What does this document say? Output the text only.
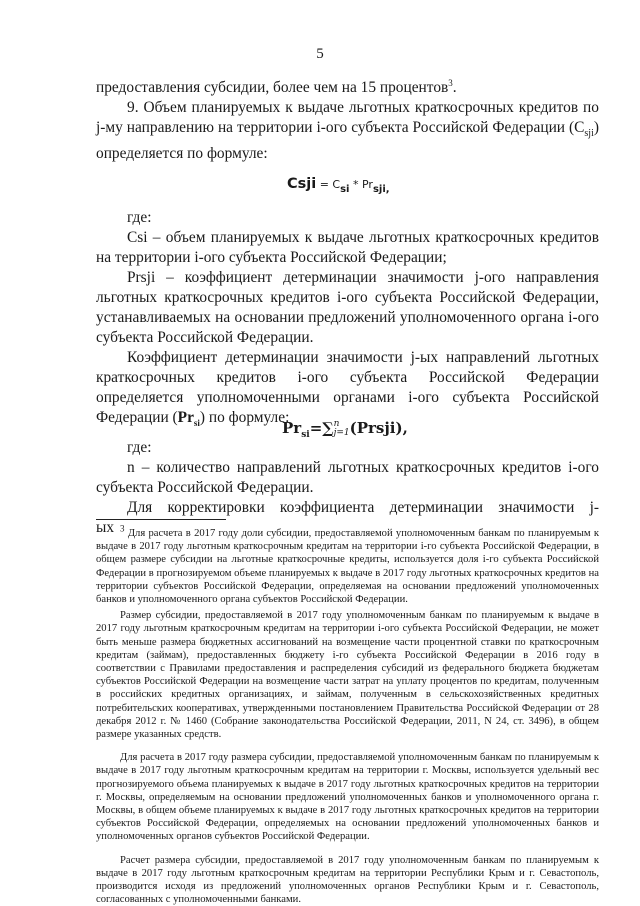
5

предоставления субсидии, более чем на 15 процентов$^3$.

9. Объем планируемых к выдаче льготных краткосрочных кредитов по j-му направлению на территории i-ого субъекта Российской Федерации $(C_{sji})$ определяется по формуле:

Csji = $C_{si} * Pr_{sji,}$

где:

Csi – объем планируемых к выдаче льготных краткосрочных кредитов на территории i-ого субъекта Российской Федерации;

Prsji – коэффициент детерминации значимости j-ого направления льготных краткосрочных кредитов i-ого субъекта Российской Федерации, устанавливаемых на основании предложений уполномоченного органа i-ого субъекта Российской Федерации.

Коэффициент детерминации значимости j-ых направлений льготных краткосрочных кредитов i-ого субъекта Российской Федерации определяется уполномоченными органами i-ого субъекта Российской Федерации $(Pr_{si})$ по формуле:

$Pr_{si}=\sum$ n
j=1 (Prsji),

где:

n – количество направлений льготных краткосрочных кредитов i-ого субъекта Российской Федерации.

Для корректировки коэффициента детерминации значимости j-ых $^3$ Для расчета в 2017 году доли субсидии, предоставляемой уполномоченным банкам по планируемым к выдаче в 2017 году льготным краткосрочным кредитам на территории i-го субъекта Российской Федерации, в общем размере субсидии на льготные краткосрочные кредиты, используется доля i-го субъекта Российской Федерации в прогнозируемом объеме планируемых к выдаче в 2017 году льготных краткосрочных кредитов на территории субъектов Российской Федерации, определяемая на основании предложений уполномоченных банков и уполномоченного органа субъектов Российской Федерации.

Размер субсидии, предоставляемой в 2017 году уполномоченным банкам по планируемым к выдаче в 2017 году льготным краткосрочным кредитам на территории i-ого субъекта Российской Федерации, не может быть меньше размера бюджетных ассигнований на возмещение части процентной ставки по краткосрочным кредитам (займам), предоставленных бюджету i-го субъекта Российской Федерации в 2016 году в соответствии с Правилами предоставления и распределения субсидий из федерального бюджета бюджетам субъектов Российской Федерации на возмещение части затрат на уплату процентов по кредитам, полученным в российских кредитных организациях, и займам, полученным в сельскохозяйственных кредитных потребительских кооперативах, утвержденными постановлением Правительства Российской Федерации от 28 декабря 2012 г. № 1460 (Собрание законодательства Российской Федерации, 2011, N 24, ст. 3496), в общем размере указанных средств.

Для расчета в 2017 году размера субсидии, предоставляемой уполномоченным банкам по планируемым к выдаче в 2017 году льготным краткосрочным кредитам на территории г. Москвы, используется удельный вес прогнозируемого объема планируемых к выдаче в 2017 году льготных краткосрочных кредитов на территории г. Москвы, определяемым на основании предложений уполномоченных банков и уполномоченного органа г. Москвы, в общем объеме планируемых к выдаче в 2017 году льготных краткосрочных кредитов на территории субъектов Российской Федерации, определяемых на основании предложений уполномоченных банков и уполномоченных органов субъектов Российской Федерации.

Расчет размера субсидии, предоставляемой в 2017 году уполномоченным банкам по планируемым к выдаче в 2017 году льготным краткосрочным кредитам на территории Республики Крым и г. Севастополь, производится исходя из предложений уполномоченных органов Республики Крым и г. Севастополь, согласованных с уполномоченными банками.
